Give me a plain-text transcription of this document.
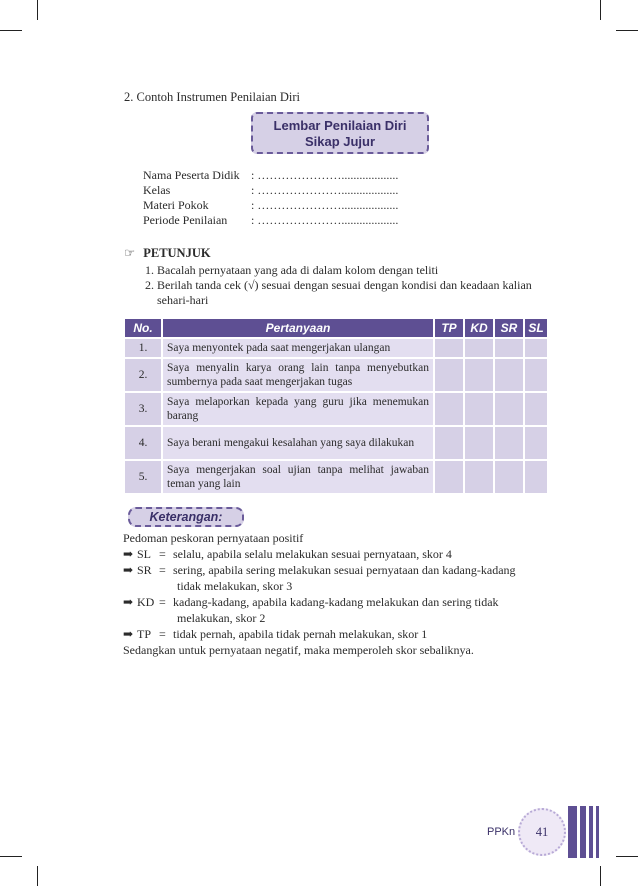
2. Contoh Instrumen Penilaian Diri
Lembar Penilaian Diri
Sikap Jujur
Nama Peserta Didik : …………………...................
Kelas	: …………………...................
Materi Pokok	: …………………...................
Periode Penilaian : …………………...................
☞ PETUNJUK
1. Bacalah pernyataan yang ada di dalam kolom dengan teliti
2. Berilah tanda cek (√) sesuai dengan sesuai dengan kondisi dan keadaan kalian
sehari-hari
No.	Pertanyaan	TP	KD	SR	SL
1.	Saya menyontek pada saat mengerjakan ulangan				
2.	Saya menyalin karya orang lain tanpa menyebutkan sumbernya pada saat mengerjakan tugas				
3.	Saya melaporkan kepada yang guru jika menemukan barang				
4.	Saya berani mengakui kesalahan yang saya dilakukan				
5.	Saya mengerjakan soal ujian tanpa melihat jawaban teman yang lain				
Keterangan:
Pedoman peskoran pernyataan positif
➡ SL = selalu, apabila selalu melakukan sesuai pernyataan, skor 4
➡ SR = sering, apabila sering melakukan sesuai pernyataan dan kadang-kadang
tidak melakukan, skor 3
➡ KD = kadang-kadang, apabila kadang-kadang melakukan dan sering tidak
melakukan, skor 2
➡ TP = tidak pernah, apabila tidak pernah melakukan, skor 1
Sedangkan untuk pernyataan negatif, maka memperoleh skor sebaliknya.
PPKn	41
